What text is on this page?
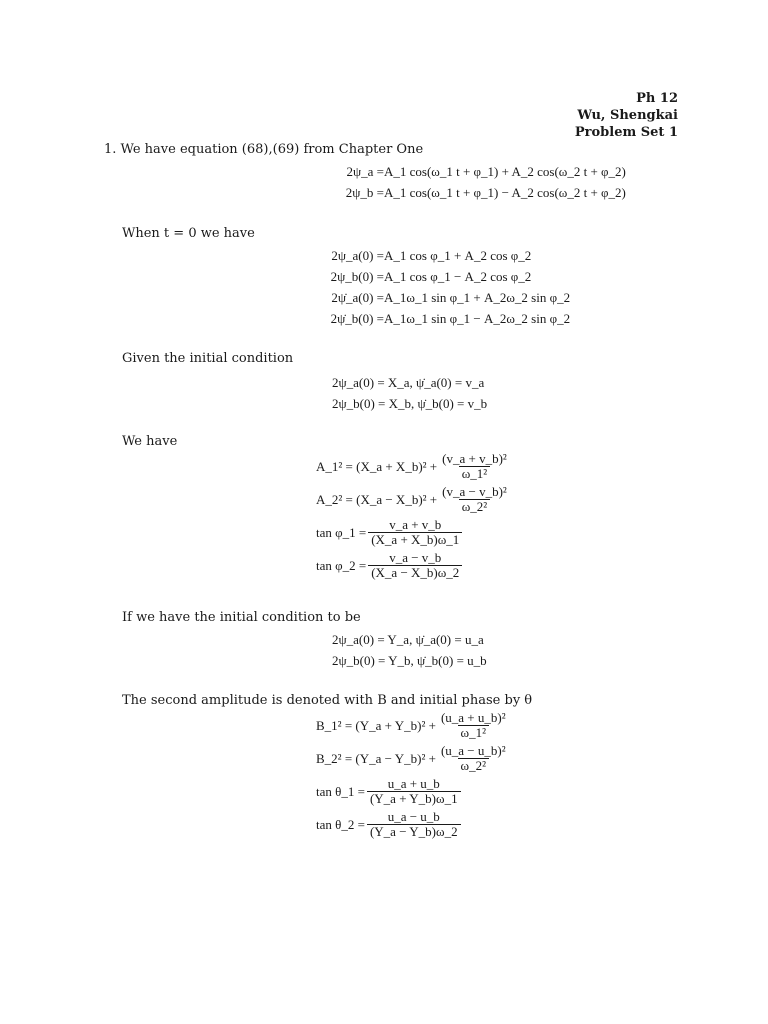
Ph 12
Wu, Shengkai
Problem Set 1
1. We have equation (68),(69) from Chapter One
2ψ_a = A_1 cos(ω_1 t + φ_1) + A_2 cos(ω_2 t + φ_2)
2ψ_b = A_1 cos(ω_1 t + φ_1) − A_2 cos(ω_2 t + φ_2)
When t = 0 we have
2ψ_a(0) = A_1 cos φ_1 + A_2 cos φ_2
2ψ_b(0) = A_1 cos φ_1 − A_2 cos φ_2
2ψ̇_a(0) = A_1ω_1 sin φ_1 + A_2ω_2 sin φ_2
2ψ̇_b(0) = A_1ω_1 sin φ_1 − A_2ω_2 sin φ_2
Given the initial condition
2ψ_a(0) = X_a, ψ̇_a(0) = v_a
2ψ_b(0) = X_b, ψ̇_b(0) = v_b
We have
A_1² = (X_a + X_b)² + $\frac{\text{(v\_a + v\_b)²}}{\text{ω\_1²}}$
A_2² = (X_a − X_b)² + $\frac{\text{(v\_a − v\_b)²}}{\text{ω\_2²}}$
tan φ_1 = $\frac{v\_a + v\_b}{(X\_a + X\_b)\omega\_1}$
tan φ_2 = $\frac{v\_a - v\_b}{(X\_a - X\_b)\omega\_2}$
If we have the initial condition to be
2ψ_a(0) = Y_a, ψ̇_a(0) = u_a
2ψ_b(0) = Y_b, ψ̇_b(0) = u_b
The second amplitude is denoted with B and initial phase by θ
B_1² = (Y_a + Y_b)² + $\frac{\text{(u\_a + u\_b)²}}{\text{ω\_1²}}$
B_2² = (Y_a − Y_b)² + $\frac{\text{(u\_a − u\_b)²}}{\text{ω\_2²}}$
tan θ_1 = $\frac{u\_a + u\_b}{(Y\_a + Y\_b)\omega\_1}$
tan θ_2 = $\frac{u\_a - u\_b}{(Y\_a - Y\_b)\omega\_2}$
